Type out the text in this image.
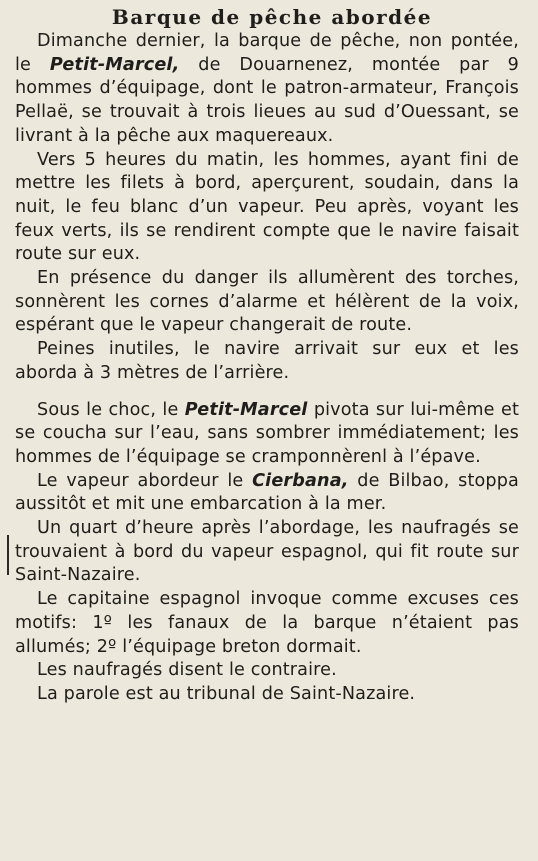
Barque de pêche abordée

Dimanche dernier, la barque de pêche, non pontée, le Petit-Marcel, de Douarnenez, montée par 9 hommes d’équipage, dont le patron-armateur, François Pellaë, se trouvait à trois lieues au sud d’Ouessant, se livrant à la pêche aux maquereaux.

Vers 5 heures du matin, les hommes, ayant fini de mettre les filets à bord, aperçurent, soudain, dans la nuit, le feu blanc d’un vapeur. Peu après, voyant les feux verts, ils se rendirent compte que le navire faisait route sur eux.

En présence du danger ils allumèrent des torches, sonnèrent les cornes d’alarme et hélèrent de la voix, espérant que le vapeur changerait de route.

Peines inutiles, le navire arrivait sur eux et les aborda à 3 mètres de l’arrière.

Sous le choc, le Petit-Marcel pivota sur lui-même et se coucha sur l’eau, sans sombrer immédiatement; les hommes de l’équipage se cramponnèrenl à l’épave.

Le vapeur abordeur le Cierbana, de Bilbao, stoppa aussitôt et mit une embarcation à la mer.

Un quart d’heure après l’abordage, les naufragés se trouvaient à bord du vapeur espagnol, qui fit route sur Saint-Nazaire.

Le capitaine espagnol invoque comme excuses ces motifs: 1º les fanaux de la barque n’étaient pas allumés; 2º l’équipage breton dormait.

Les naufragés disent le contraire.

La parole est au tribunal de Saint-Nazaire.
